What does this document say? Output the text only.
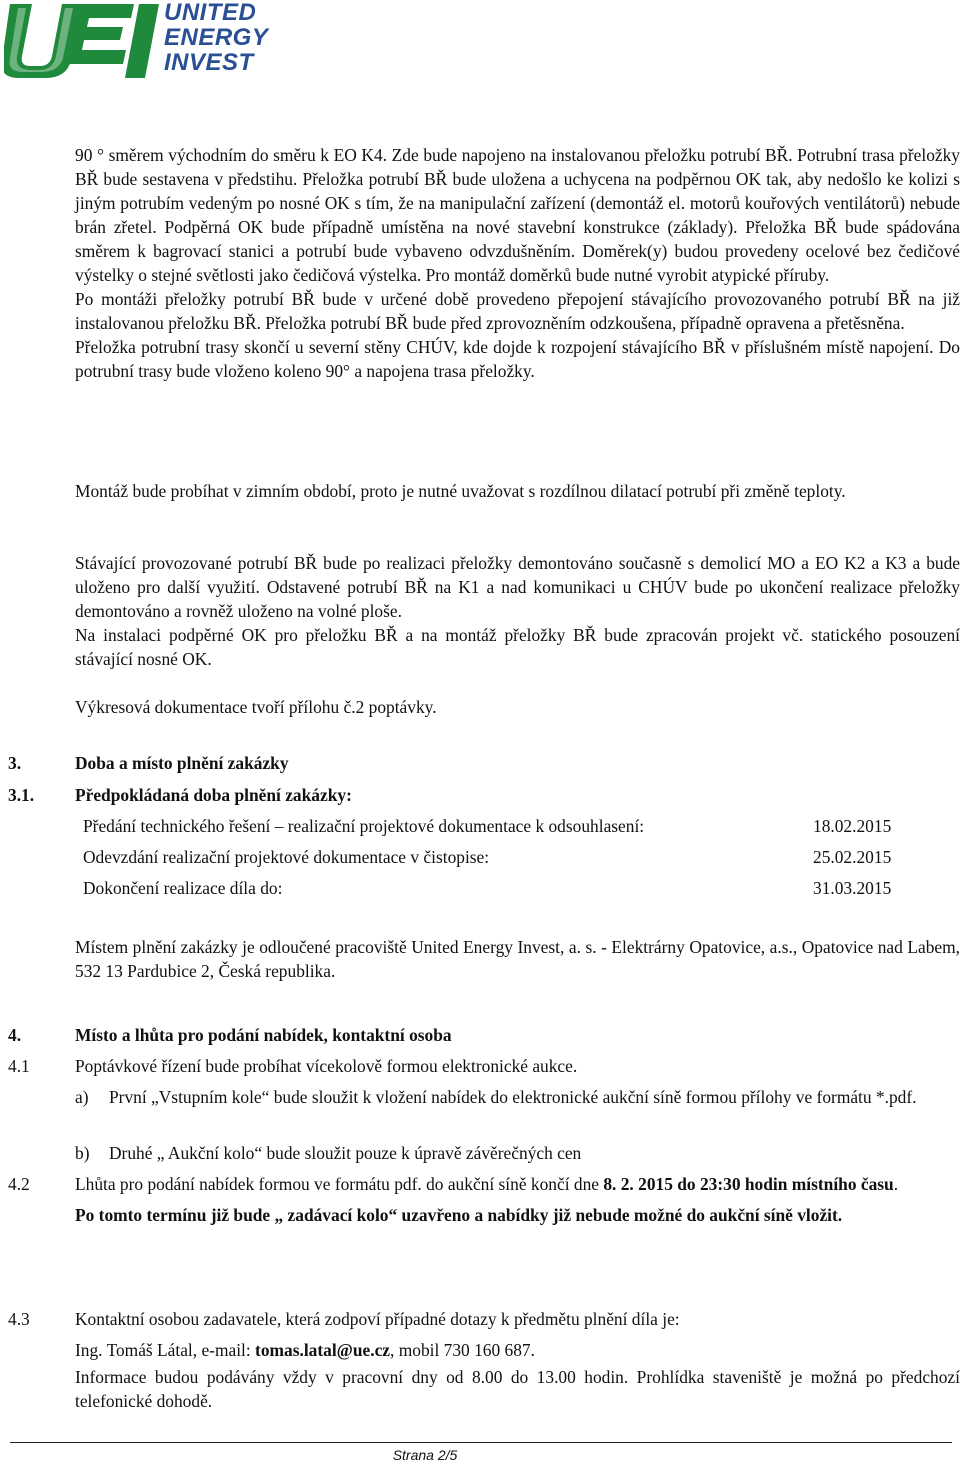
UNITED
ENERGY
INVEST

90 ° směrem východním do směru k EO K4. Zde bude napojeno na instalovanou přeložku potrubí BŘ. Potrubní trasa přeložky BŘ bude sestavena v předstihu. Přeložka potrubí BŘ bude uložena a uchycena na podpěrnou OK tak, aby nedošlo ke kolizi s jiným potrubím vedeným po nosné OK s tím, že na manipulační zařízení (demontáž el. motorů kouřových ventilátorů) nebude brán zřetel. Podpěrná OK bude případně umístěna na nové stavební konstrukce (základy). Přeložka BŘ bude spádována směrem k bagrovací stanici a potrubí bude vybaveno odvzdušněním. Doměrek(y) budou provedeny ocelové bez čedičové výstelky o stejné světlosti jako čedičová výstelka. Pro montáž doměrků bude nutné vyrobit atypické příruby.

Po montáži přeložky potrubí BŘ bude v určené době provedeno přepojení stávajícího provozovaného potrubí BŘ na již instalovanou přeložku BŘ. Přeložka potrubí BŘ bude před zprovozněním odzkoušena, případně opravena a přetěsněna.

Přeložka potrubní trasy skončí u severní stěny CHÚV, kde dojde k rozpojení stávajícího BŘ v příslušném místě napojení. Do potrubní trasy bude vloženo koleno 90° a napojena trasa přeložky.

Montáž bude probíhat v zimním období, proto je nutné uvažovat s rozdílnou dilatací potrubí při změně teploty.

Stávající provozované potrubí BŘ bude po realizaci přeložky demontováno současně s demolicí MO a EO K2 a K3 a bude uloženo pro další využití. Odstavené potrubí BŘ na K1 a nad komunikaci u CHÚV bude po ukončení realizace přeložky demontováno a rovněž uloženo na volné ploše.

Na instalaci podpěrné OK pro přeložku BŘ a na montáž přeložky BŘ bude zpracován projekt vč. statického posouzení stávající nosné OK.

Výkresová dokumentace tvoří přílohu č.2 poptávky.

3.	Doba a místo plnění zakázky
3.1. Předpokládaná doba plnění zakázky:
Předání technického řešení – realizační projektové dokumentace k odsouhlasení:	18.02.2015
Odevzdání realizační projektové dokumentace v čistopise:	25.02.2015
Dokončení realizace díla do:	31.03.2015

Místem plnění zakázky je odloučené pracoviště United Energy Invest, a. s. - Elektrárny Opatovice, a.s., Opatovice nad Labem, 532 13 Pardubice 2, Česká republika.

4.	Místo a lhůta pro podání nabídek, kontaktní osoba
4.1	Poptávkové řízení bude probíhat vícekolově formou elektronické aukce.
a) První „Vstupním kole“ bude sloužit k vložení nabídek do elektronické aukční síně formou přílohy ve formátu *.pdf.
b) Druhé „ Aukční kolo“ bude sloužit pouze k úpravě závěrečných cen
4.2	Lhůta pro podání nabídek formou ve formátu pdf. do aukční síně končí dne 8. 2. 2015 do 23:30 hodin místního času.
Po tomto termínu již bude „ zadávací kolo“ uzavřeno a nabídky již nebude možné do aukční síně vložit.
4.3	Kontaktní osobou zadavatele, která zodpoví případné dotazy k předmětu plnění díla je:
Ing. Tomáš Látal, e-mail: tomas.latal@ue.cz, mobil 730 160 687.
Informace budou podávány vždy v pracovní dny od 8.00 do 13.00 hodin. Prohlídka staveniště je možná po předchozí telefonické dohodě.
Strana 2/5
